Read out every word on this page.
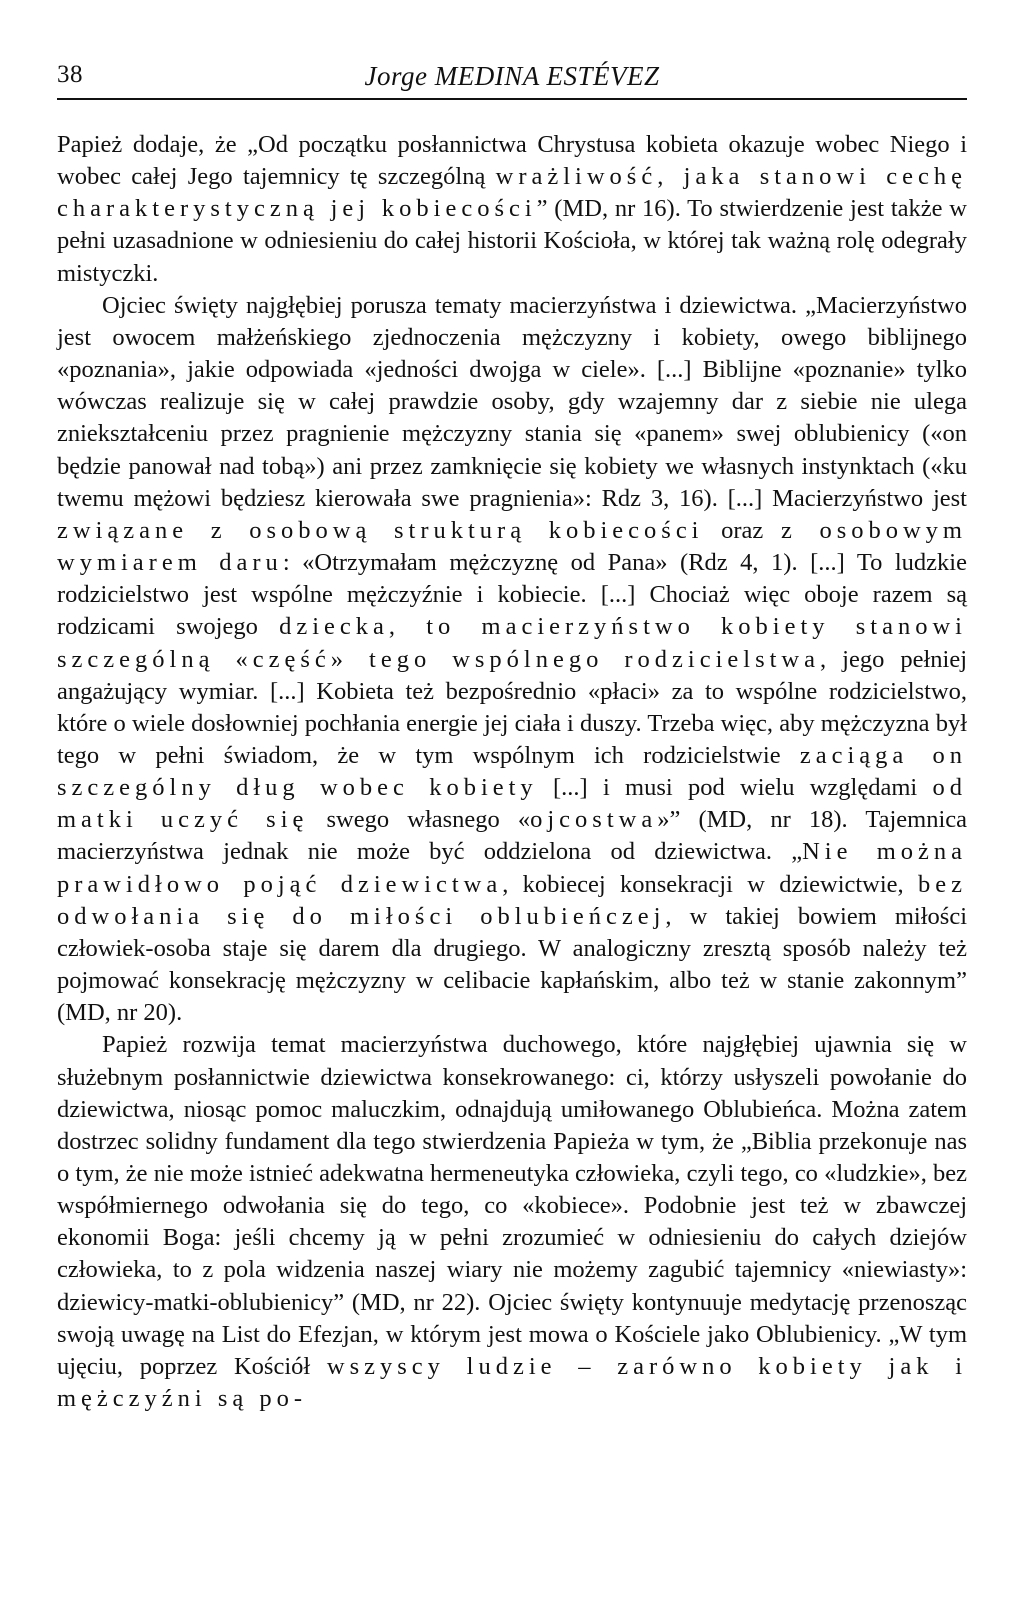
38	Jorge MEDINA ESTÉVEZ

Papież dodaje, że „Od początku posłannictwa Chrystusa kobieta okazuje wobec Niego i wobec całej Jego tajemnicy tę szczególną wrażliwość, jaka stanowi cechę charakterystyczną jej kobiecości” (MD, nr 16). To stwierdzenie jest także w pełni uzasadnione w odniesieniu do całej historii Kościoła, w której tak ważną rolę odegrały mistyczki.

Ojciec święty najgłębiej porusza tematy macierzyństwa i dziewictwa. „Macierzyństwo jest owocem małżeńskiego zjednoczenia mężczyzny i kobiety, owego biblijnego «poznania», jakie odpowiada «jedności dwojga w ciele». [...] Biblijne «poznanie» tylko wówczas realizuje się w całej prawdzie osoby, gdy wzajemny dar z siebie nie ulega zniekształceniu przez pragnienie mężczyzny stania się «panem» swej oblubienicy («on będzie panował nad tobą») ani przez zamknięcie się kobiety we własnych instynktach («ku twemu mężowi będziesz kierowała swe pragnienia»: Rdz 3, 16). [...] Macierzyństwo jest związane z osobową strukturą kobiecości oraz z osobowym wymiarem daru: «Otrzymałam mężczyznę od Pana» (Rdz 4, 1). [...] To ludzkie rodzicielstwo jest wspólne mężczyźnie i kobiecie. [...] Chociaż więc oboje razem są rodzicami swojego dziecka, to macierzyństwo kobiety stanowi szczególną «część» tego wspólnego rodzicielstwa, jego pełniej angażujący wymiar. [...] Kobieta też bezpośrednio «płaci» za to wspólne rodzicielstwo, które o wiele dosłowniej pochłania energie jej ciała i duszy. Trzeba więc, aby mężczyzna był tego w pełni świadom, że w tym wspólnym ich rodzicielstwie zaciąga on szczególny dług wobec kobiety [...] i musi pod wielu względami od matki uczyć się swego własnego «ojcostwa»” (MD, nr 18). Tajemnica macierzyństwa jednak nie może być oddzielona od dziewictwa. „Nie można prawidłowo pojąć dziewictwa, kobiecej konsekracji w dziewictwie, bez odwołania się do miłości oblubieńczej, w takiej bowiem miłości człowiek-osoba staje się darem dla drugiego. W analogiczny zresztą sposób należy też pojmować konsekrację mężczyzny w celibacie kapłańskim, albo też w stanie zakonnym” (MD, nr 20).

Papież rozwija temat macierzyństwa duchowego, które najgłębiej ujawnia się w służebnym posłannictwie dziewictwa konsekrowanego: ci, którzy usłyszeli powołanie do dziewictwa, niosąc pomoc maluczkim, odnajdują umiłowanego Oblubieńca. Można zatem dostrzec solidny fundament dla tego stwierdzenia Papieża w tym, że „Biblia przekonuje nas o tym, że nie może istnieć adekwatna hermeneutyka człowieka, czyli tego, co «ludzkie», bez współmiernego odwołania się do tego, co «kobiece». Podobnie jest też w zbawczej ekonomii Boga: jeśli chcemy ją w pełni zrozumieć w odniesieniu do całych dziejów człowieka, to z pola widzenia naszej wiary nie możemy zagubić tajemnicy «niewiasty»: dziewicy-matki-oblubienicy” (MD, nr 22). Ojciec święty kontynuuje medytację przenosząc swoją uwagę na List do Efezjan, w którym jest mowa o Kościele jako Oblubienicy. „W tym ujęciu, poprzez Kościół wszyscy ludzie – zarówno kobiety jak i mężczyźni są po-
